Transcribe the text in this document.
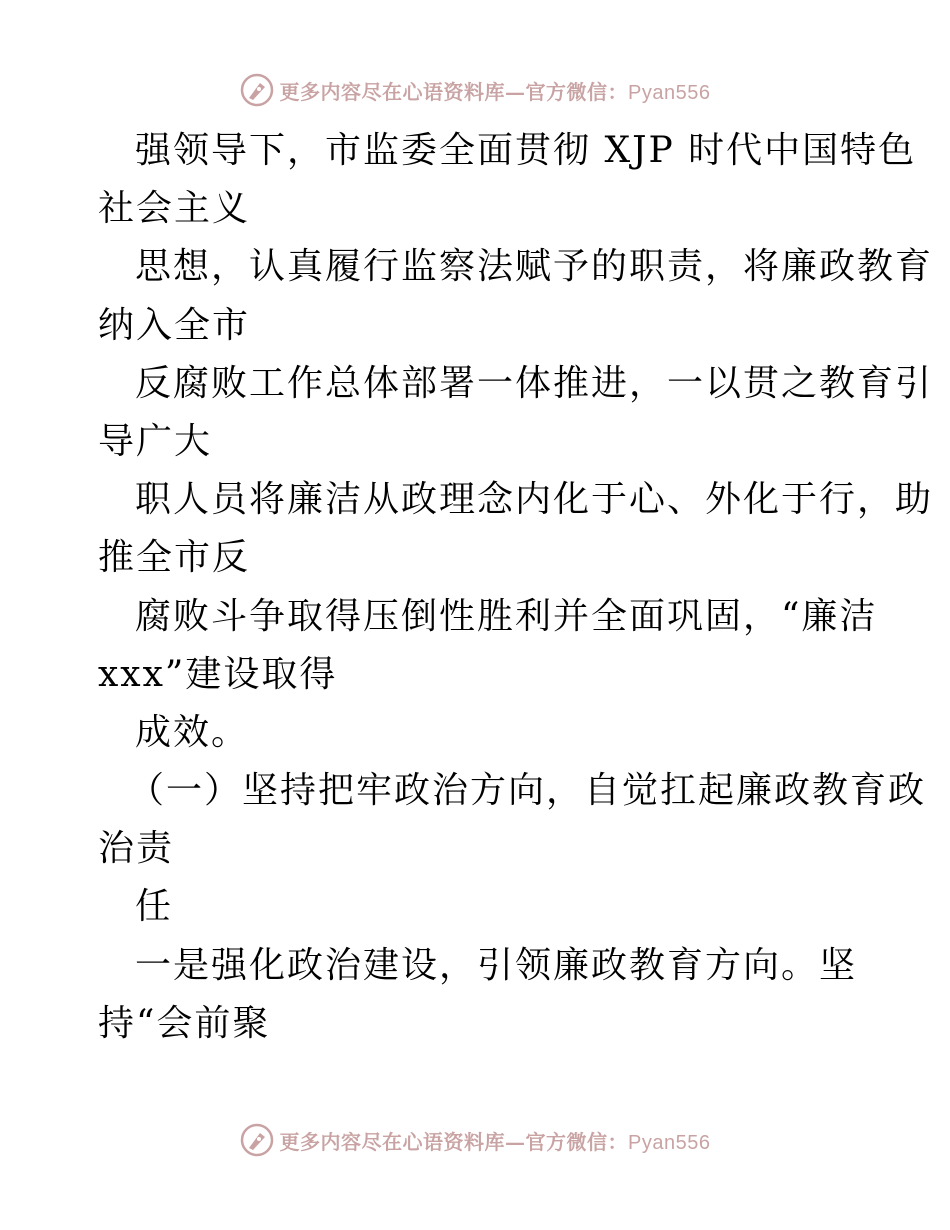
更多内容尽在心语资料库—官方微信：Pyan556
强领导下，市监委全面贯彻 XJP 时代中国特色
社会主义
思想，认真履行监察法赋予的职责，将廉政教育
纳入全市
反腐败工作总体部署一体推进，一以贯之教育引
导广大
职人员将廉洁从政理念内化于心、外化于行，助
推全市反
腐败斗争取得压倒性胜利并全面巩固，“廉洁
xxx”建设取得
成效。
（一）坚持把牢政治方向，自觉扛起廉政教育政
治责
任
一是强化政治建设，引领廉政教育方向。坚
持“会前聚
更多内容尽在心语资料库—官方微信：Pyan556
